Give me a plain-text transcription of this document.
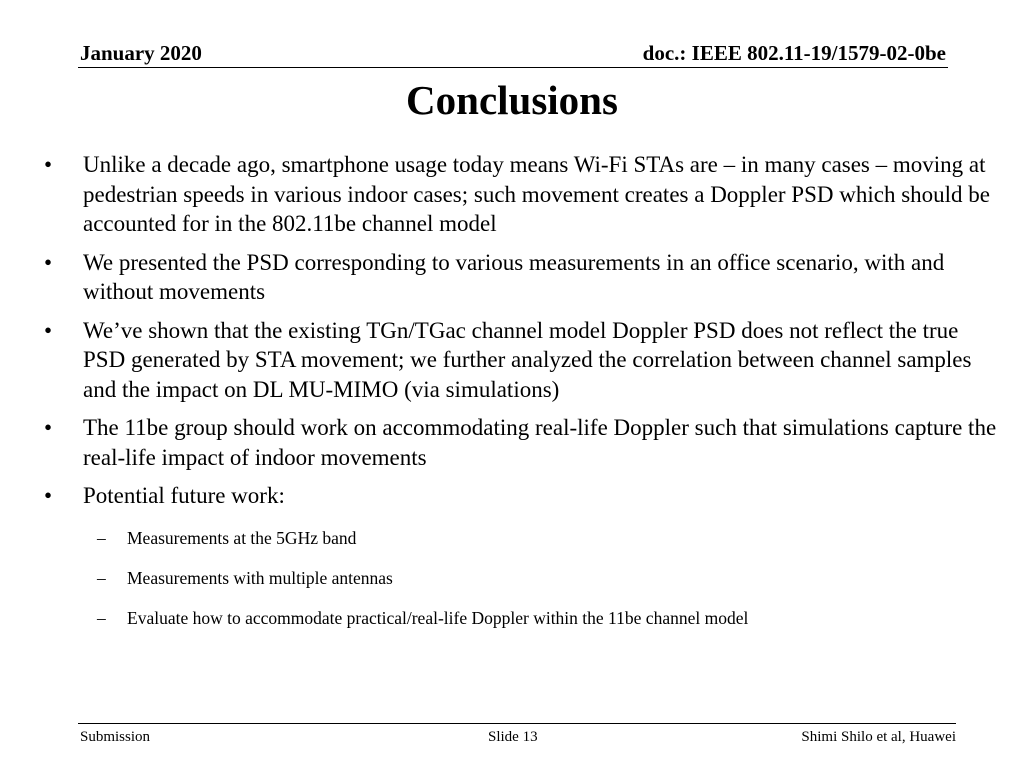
January 2020	doc.: IEEE 802.11-19/1579-02-0be
Conclusions
• Unlike a decade ago, smartphone usage today means Wi-Fi STAs are – in many cases – moving at pedestrian speeds in various indoor cases; such movement creates a Doppler PSD which should be accounted for in the 802.11be channel model
• We presented the PSD corresponding to various measurements in an office scenario, with and without movements
• We’ve shown that the existing TGn/TGac channel model Doppler PSD does not reflect the true PSD generated by STA movement; we further analyzed the correlation between channel samples and the impact on DL MU-MIMO (via simulations)
• The 11be group should work on accommodating real-life Doppler such that simulations capture the real-life impact of indoor movements
• Potential future work:
– Measurements at the 5GHz band
– Measurements with multiple antennas
– Evaluate how to accommodate practical/real-life Doppler within the 11be channel model
Submission	Slide 13	Shimi Shilo et al, Huawei
